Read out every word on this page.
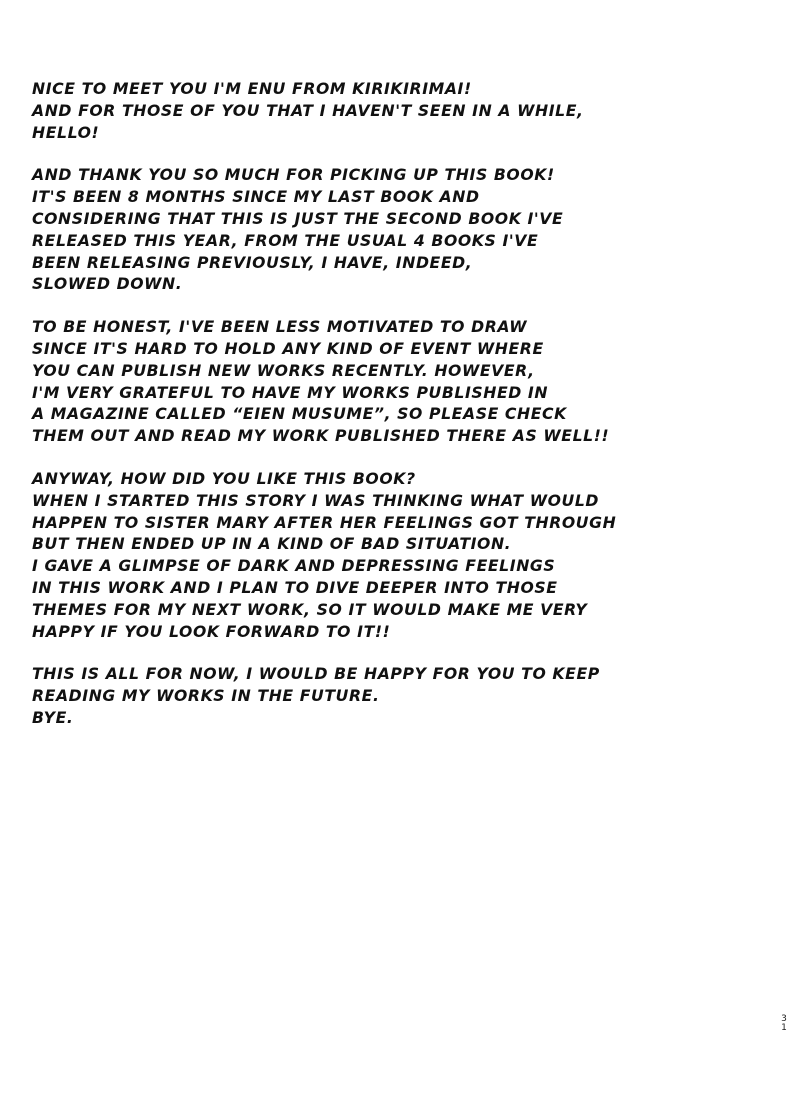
NICE TO MEET YOU I'M ENU FROM KIRIKIRIMAI!
AND FOR THOSE OF YOU THAT I HAVEN'T SEEN IN A WHILE,
HELLO!
AND THANK YOU SO MUCH FOR PICKING UP THIS BOOK!
IT'S BEEN 8 MONTHS SINCE MY LAST BOOK AND
CONSIDERING THAT THIS IS JUST THE SECOND BOOK I'VE
RELEASED THIS YEAR, FROM THE USUAL 4 BOOKS I'VE
BEEN RELEASING PREVIOUSLY, I HAVE, INDEED,
SLOWED DOWN.
TO BE HONEST, I'VE BEEN LESS MOTIVATED TO DRAW
SINCE IT'S HARD TO HOLD ANY KIND OF EVENT WHERE
YOU CAN PUBLISH NEW WORKS RECENTLY. HOWEVER,
I'M VERY GRATEFUL TO HAVE MY WORKS PUBLISHED IN
A MAGAZINE CALLED “EIEN MUSUME”, SO PLEASE CHECK
THEM OUT AND READ MY WORK PUBLISHED THERE AS WELL!!
ANYWAY, HOW DID YOU LIKE THIS BOOK?
WHEN I STARTED THIS STORY I WAS THINKING WHAT WOULD
HAPPEN TO SISTER MARY AFTER HER FEELINGS GOT THROUGH
BUT THEN ENDED UP IN A KIND OF BAD SITUATION.
I GAVE A GLIMPSE OF DARK AND DEPRESSING FEELINGS
IN THIS WORK AND I PLAN TO DIVE DEEPER INTO THOSE
THEMES FOR MY NEXT WORK, SO IT WOULD MAKE ME VERY
HAPPY IF YOU LOOK FORWARD TO IT!!
THIS IS ALL FOR NOW, I WOULD BE HAPPY FOR YOU TO KEEP
READING MY WORKS IN THE FUTURE.
BYE.
3
1
